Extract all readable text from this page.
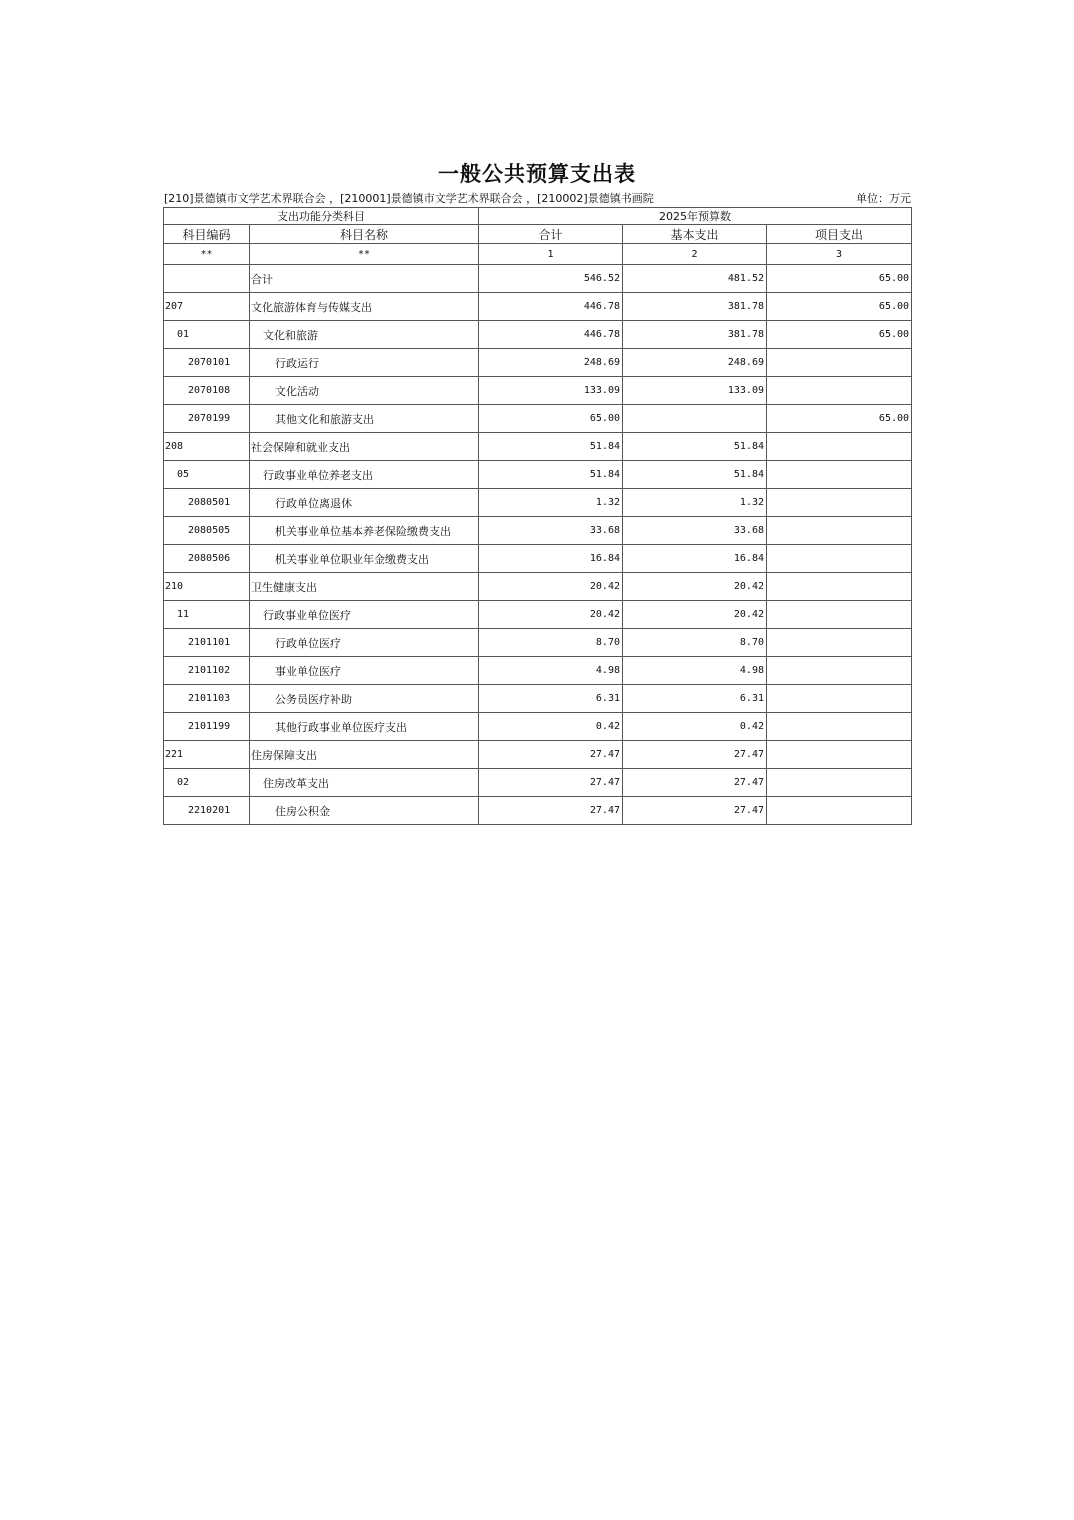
一般公共预算支出表
[210]景德镇市文学艺术界联合会 ，[210001]景德镇市文学艺术界联合会 ，[210002]景德镇书画院	单位：万元
支出功能分类科目		2025年预算数		
科目编码	科目名称	合计	基本支出	项目支出
**	**	1	2	3
	合计	546.52	481.52	65.00
207	文化旅游体育与传媒支出	446.78	381.78	65.00
01	文化和旅游	446.78	381.78	65.00
2070101	行政运行	248.69	248.69	
2070108	文化活动	133.09	133.09	
2070199	其他文化和旅游支出	65.00		65.00
208	社会保障和就业支出	51.84	51.84	
05	行政事业单位养老支出	51.84	51.84	
2080501	行政单位离退休	1.32	1.32	
2080505	机关事业单位基本养老保险缴费支出	33.68	33.68	
2080506	机关事业单位职业年金缴费支出	16.84	16.84	
210	卫生健康支出	20.42	20.42	
11	行政事业单位医疗	20.42	20.42	
2101101	行政单位医疗	8.70	8.70	
2101102	事业单位医疗	4.98	4.98	
2101103	公务员医疗补助	6.31	6.31	
2101199	其他行政事业单位医疗支出	0.42	0.42	
221	住房保障支出	27.47	27.47	
02	住房改革支出	27.47	27.47	
2210201	住房公积金	27.47	27.47	
